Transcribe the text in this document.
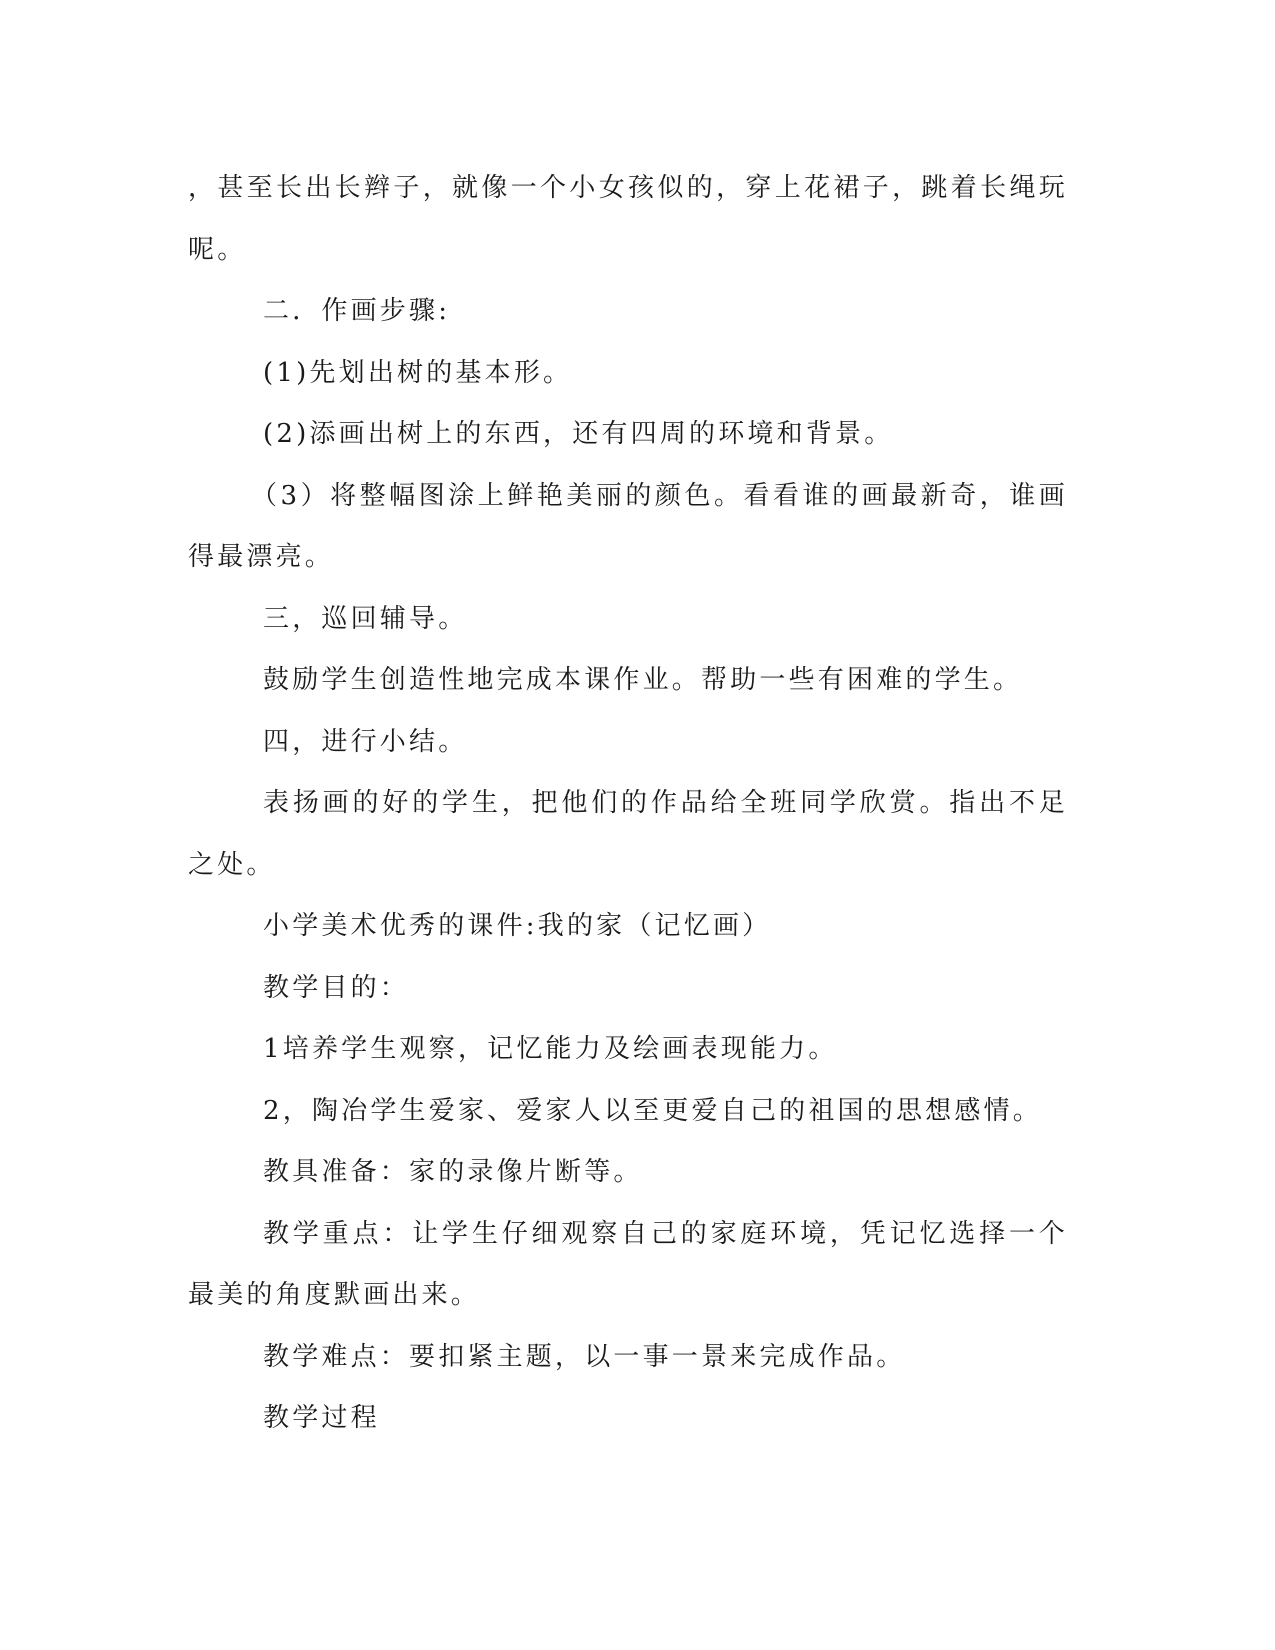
，甚至长出长辫子，就像一个小女孩似的，穿上花裙子，跳着长绳玩呢。

二．作画步骤:

(1)先划出树的基本形。

(2)添画出树上的东西，还有四周的环境和背景。

（3）将整幅图涂上鲜艳美丽的颜色。看看谁的画最新奇，谁画得最漂亮。

三，巡回辅导。

鼓励学生创造性地完成本课作业。帮助一些有困难的学生。

四，进行小结。

表扬画的好的学生，把他们的作品给全班同学欣赏。指出不足之处。

小学美术优秀的课件:我的家（记忆画）

教学目的：

1培养学生观察，记忆能力及绘画表现能力。

2，陶冶学生爱家、爱家人以至更爱自己的祖国的思想感情。

教具准备：家的录像片断等。

教学重点：让学生仔细观察自己的家庭环境，凭记忆选择一个最美的角度默画出来。

教学难点：要扣紧主题，以一事一景来完成作品。

教学过程
